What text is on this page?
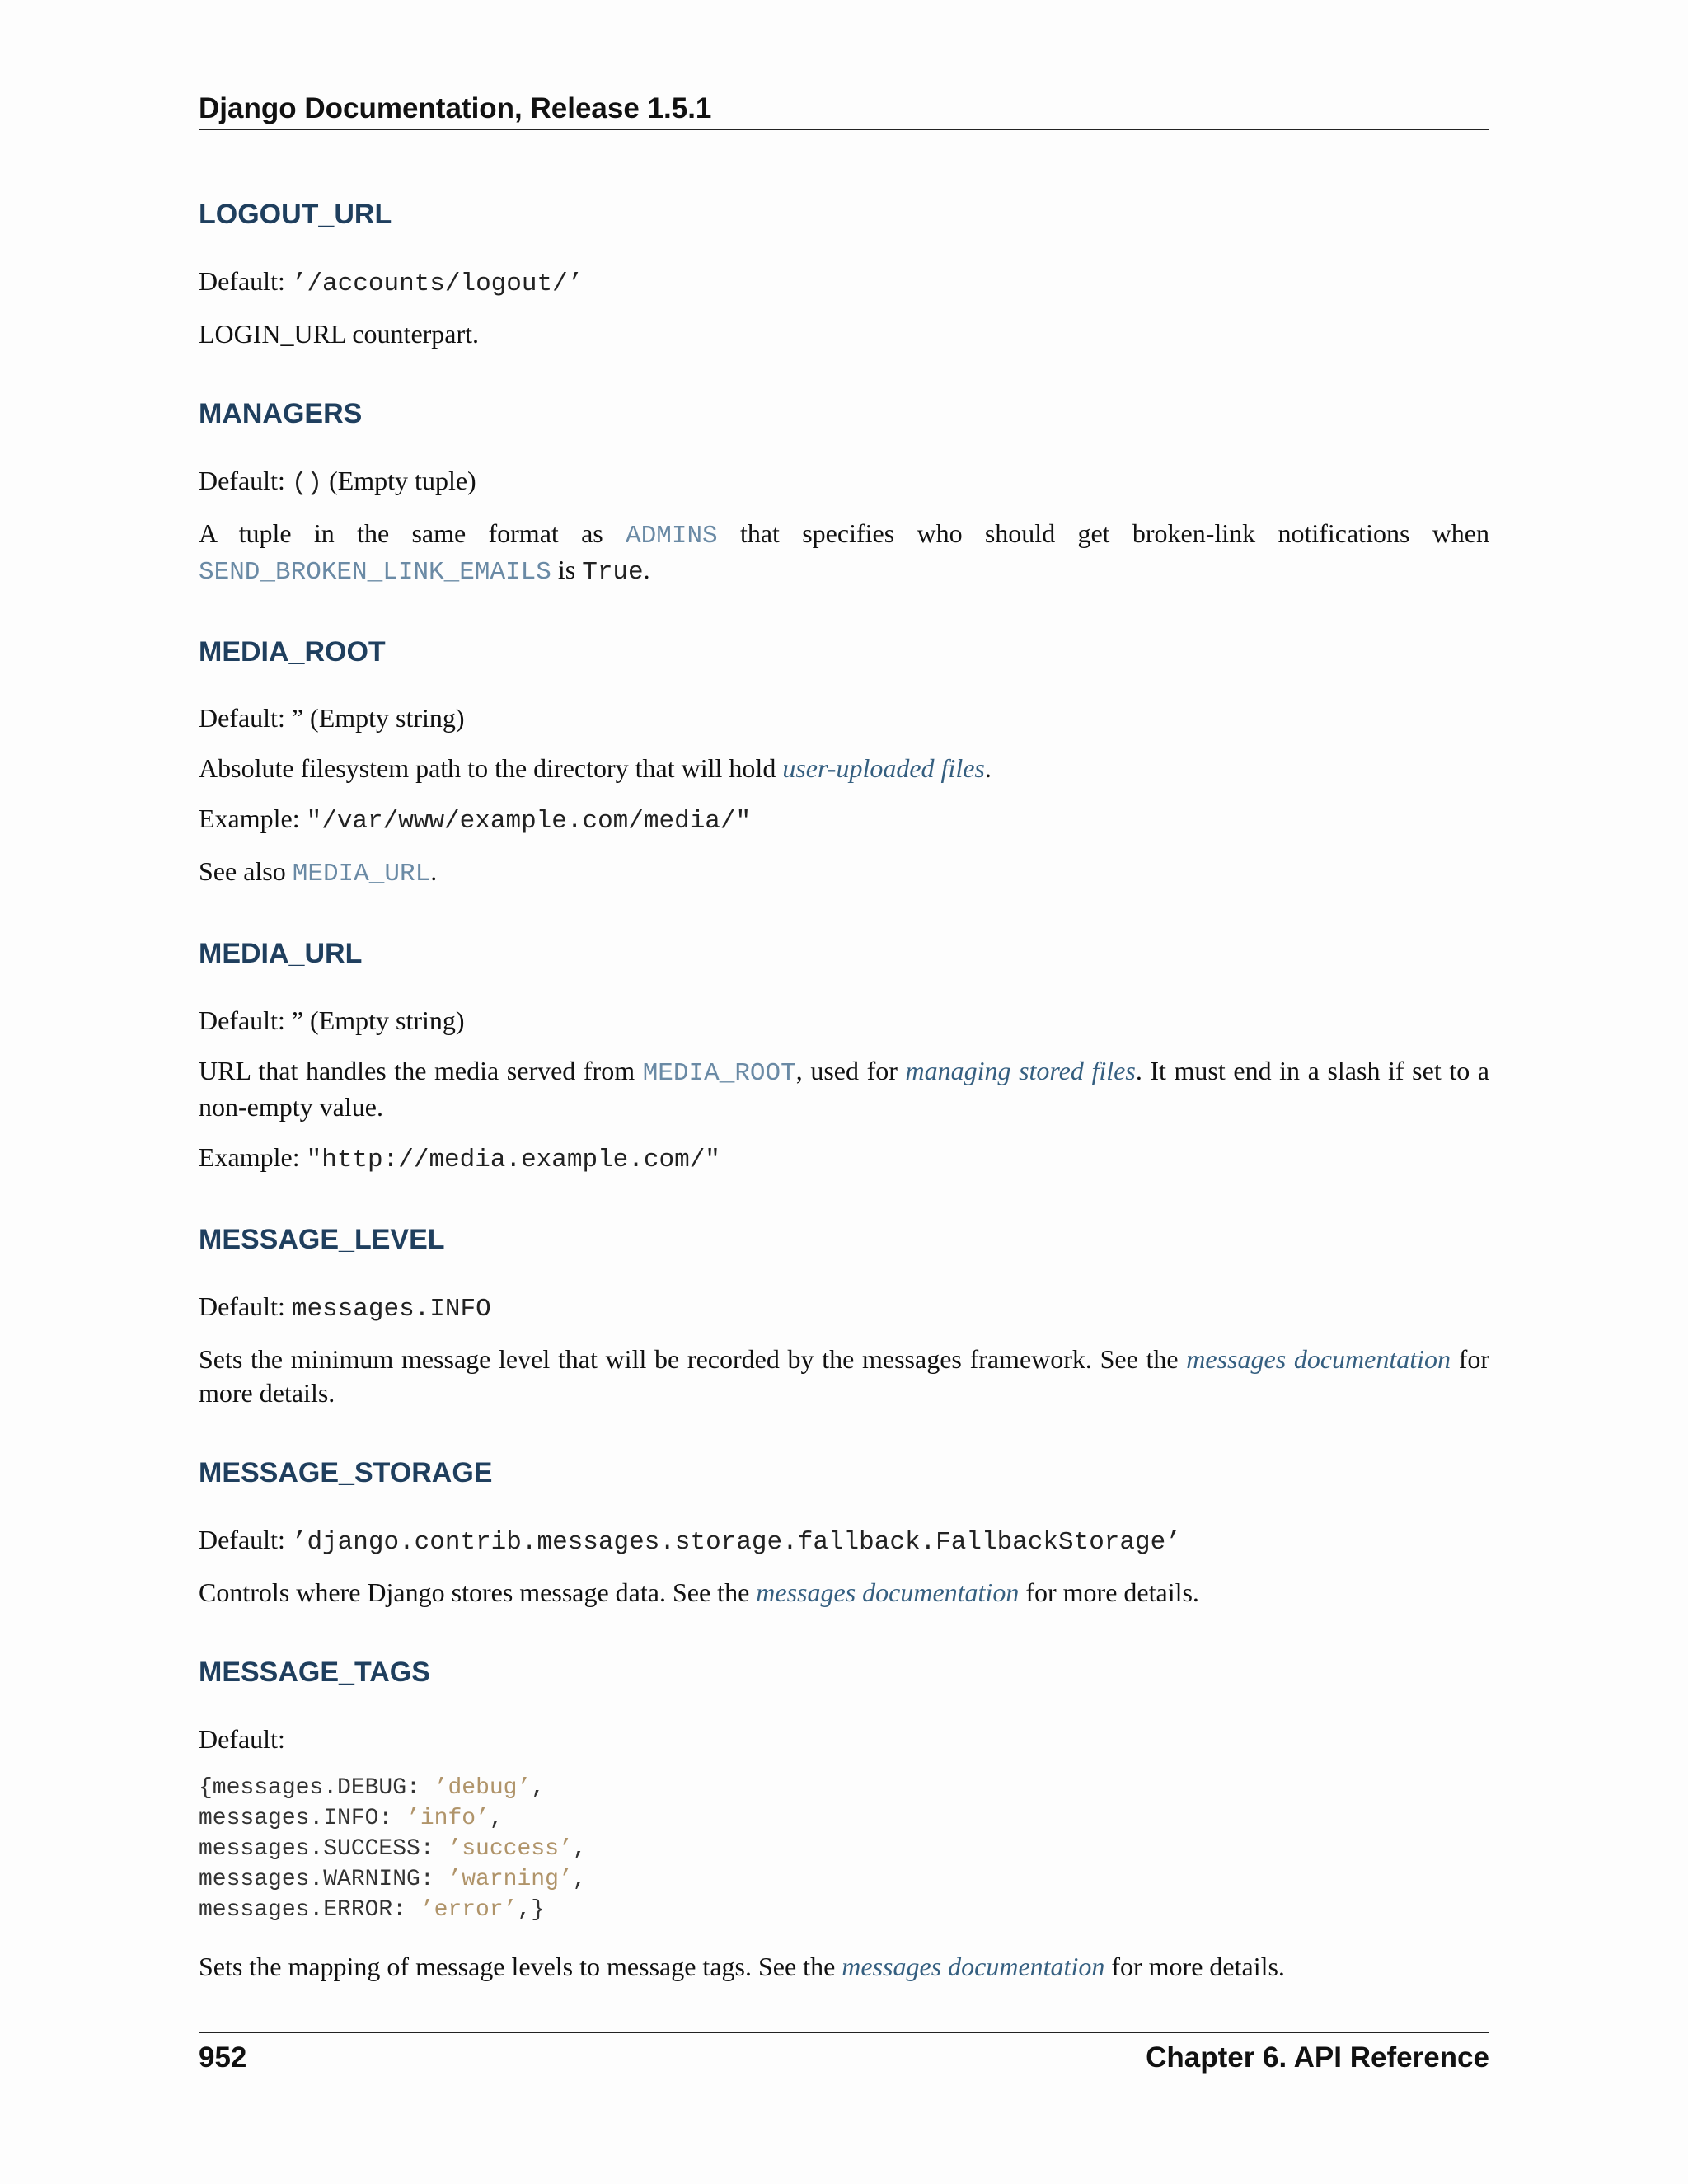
Django Documentation, Release 1.5.1
LOGOUT_URL

Default: ’/accounts/logout/’

LOGIN_URL counterpart.

MANAGERS

Default: () (Empty tuple)

A tuple in the same format as ADMINS that specifies who should get broken-link notifications when SEND_BROKEN_LINK_EMAILS is True.

MEDIA_ROOT

Default: ” (Empty string)

Absolute filesystem path to the directory that will hold user-uploaded files.

Example: "/var/www/example.com/media/"

See also MEDIA_URL.

MEDIA_URL

Default: ” (Empty string)

URL that handles the media served from MEDIA_ROOT, used for managing stored files. It must end in a slash if set to a non-empty value.

Example: "http://media.example.com/"

MESSAGE_LEVEL

Default: messages.INFO

Sets the minimum message level that will be recorded by the messages framework. See the messages documentation for more details.

MESSAGE_STORAGE

Default: ’django.contrib.messages.storage.fallback.FallbackStorage’

Controls where Django stores message data. See the messages documentation for more details.

MESSAGE_TAGS

Default:

{messages.DEBUG: ’debug’,
messages.INFO: ’info’,
messages.SUCCESS: ’success’,
messages.WARNING: ’warning’,
messages.ERROR: ’error’,}

Sets the mapping of message levels to message tags. See the messages documentation for more details.

952	Chapter 6. API Reference
